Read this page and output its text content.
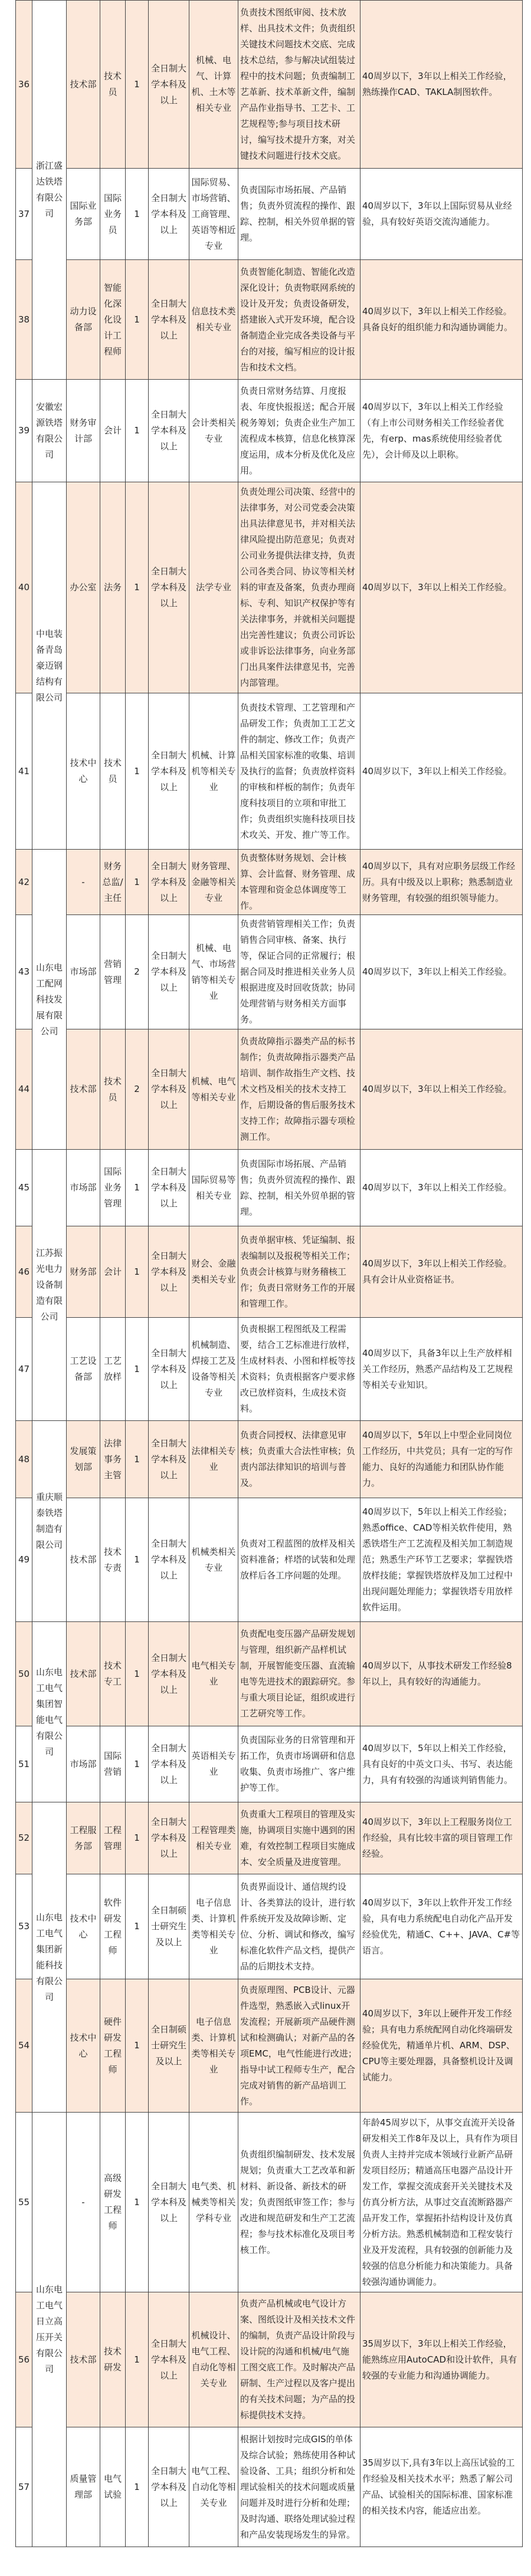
36	浙江盛达铁塔有限公司	技术部	技术员	1	全日制大学本科及以上	机械、电气、计算机、土木等相关专业	负责技术图纸审阅、技术放样、出具技术文件；负责组织关键技术问题技术交底、完成技术总结，参与解决试组装过程中的技术问题；负责编制工艺革新、技术革新文件，编制产品作业指导书、工艺卡、工艺规程等;参与项目技术研讨，编写技术提升方案，对关键技术问题进行技术交底。	40周岁以下，3年以上相关工作经验，熟练操作CAD、TAKLA制图软件。
37		国际业务部	国际业务员	1	全日制大学本科及以上	国际贸易、市场营销、工商管理、英语等相近专业	负责国际市场拓展、产品销售；负责外贸流程的操作、跟踪、控制，相关外贸单据的管理。	40周岁以下，3年以上国际贸易从业经验，具有较好英语交流沟通能力。
38		动力设备部	智能化深化设计工程师	1	全日制大学本科及以上	信息技术类相关专业	负责智能化制造、智能化改造深化设计；负责物联网系统的设计及开发；负责设备研发，搭建嵌入式开发环境，配合设备制造企业完成各类设备与平台的对接，编写相应的设计报告和技术文档。	40周岁以下，3年以上相关工作经验。具备良好的组织能力和沟通协调能力。
39	安徽宏源铁塔有限公司	财务审计部	会计	1	全日制大学本科及以上	会计类相关专业	负责日常财务结算、月度报表、年度快报报送；配合开展税务筹划；负责企业生产加工流程成本核算，信息化核算深度运用，成本分析及优化及应用。	40周岁以下，3年以上相关工作经验（有上市公司财务相关工作经验者优先，有erp、mas系统使用经验者优先），会计师及以上职称。
40	中电装备青岛豪迈钢结构有限公司	办公室	法务	1	全日制大学本科及以上	法学专业	负责处理公司决策、经营中的法律事务，对公司党委会决策出具法律意见书，并对相关法律风险提出防范意见；负责对公司业务提供法律支持，负责公司各类合同、协议等相关材料的审查及备案，负责办理商标、专利、知识产权保护等有关法律事务，并就相关问题提出完善性建议；负责公司诉讼或非诉讼法律事务，向业务部门出具案件法律意见书，完善内部管理。	40周岁以下，3年以上相关工作经验。
41		技术中心	技术员	1	全日制大学本科及以上	机械、计算机等相关专业	负责技术管理、工艺管理和产品研发工作；负责加工工艺文件的制定、修改工作；负责产品相关国家标准的收集、培训及执行的监督；负责放样资料的审核和样板的制作；负责年度科技项目的立项和审批工作；负责组织实施科技项目技术攻关、开发、推广等工作。	40周岁以下，3年以上相关工作经验。
42	山东电工配网科技发展有限公司	-	财务总监/主任	1	全日制大学本科及以上	财务管理、金融等相关专业	负责整体财务规划、会计核算、会计监督、财务管理、成本管理和资金总体调度等工作。	40周岁以下，具有对应职务层级工作经历。具有中级及以上职称；熟悉制造业财务管理，有较强的组织领导能力。
43		市场部	营销管理	2	全日制大学本科及以上	机械、电气、市场营销等相关专业	负责营销管理相关工作；负责销售合同审核、备案、执行等，保证合同的正常履行；根据合同及时推进相关业务人员根据进度及时回收货款；协同处理营销与财务相关方面事务。	40周岁以下，3年以上相关工作经验。
44		技术部	技术员	2	全日制大学本科及以上	机械、电气等相关专业	负责故障指示器类产品的标书制作；负责故障指示器类产品培训、制作故指生产文档、技术文档及相关的技术支持工作，后期设备的售后服务技术支持工作；故障指示器专项检测工作。	40周岁以下，3年以上相关工作经验。
45	江苏振光电力设备制造有限公司	市场部	国际业务管理	1	全日制大学本科及以上	国际贸易等相关专业	负责国际市场拓展、产品销售；负责外贸流程的操作、跟踪、控制，相关外贸单据的管理。	40周岁以下，3年以上相关工作经验。
46		财务部	会计	1	全日制大学本科及以上	财会、金融类相关专业	负责单据审核、凭证编制、报表编制以及报税等相关工作；负责会计核算与财务稽核工作；负责日常财务工作的开展和管理工作。	40周岁以下，3年以上相关工作经验。具有会计从业资格证书。
47		工艺设备部	工艺放样	1	全日制大学本科及以上	机械制造、焊接工艺及设备等相关专业	负责根据工程图纸及工程需要，结合工艺标准进行放样，生成材料表、小图和样板等技术资料；负责根据客户要求修改已放样资料，生成技术资料。	40周岁以下，具备3年以上生产放样相关工作经历，熟悉产品结构及工艺规程等相关专业知识。
48	重庆顺泰铁塔制造有限公司	发展策划部	法律事务主管	1	全日制大学本科及以上	法律相关专业	负责合同授权、法律意见审核；负责重大合法性审核；负责内部法律知识的培训与普及。	40周岁以下，5年以上中型企业同岗位工作经历，中共党员；具有一定的写作能力、良好的沟通能力和团队协作能力。
49		技术部	技术专责	1	全日制大学本科及以上	机械类相关专业	负责对工程蓝图的放样及相关资料准备；样塔的试装和处理放样后各工序问题的处理。	40周岁以下，5年以上相关工作经验；熟悉office、CAD等相关软件使用，熟悉铁塔生产工艺流程及相关加工制造规范；熟悉生产环节工艺要求；掌握铁塔放样技能；掌握铁塔放样及加工过程中出现问题处理能力；掌握铁塔专用放样软件运用。
50	山东电工电气集团智能电气有限公司	技术部	技术专工	1	全日制大学本科及以上	电气相关专业	负责配电变压器产品研发规划与管理，组织新产品样机试制，开展智能变压器、直流输电等先进技术的跟踪研究。参与重大项目论证，组织或进行工艺研究等工作。	40周岁以下，从事技术研发工作经验8年以上，具有较好的沟通能力。
51		市场部	国际营销	1	全日制大学本科及以上	英语相关专业	负责国际业务的日常管理和开拓工作，负责市场调研和信息收集、负责市场推广、客户维护等工作。	40周岁以下，5年以上相关工作经验，具有良好的中英文口头、书写、表达能力，具有有较强的沟通谈判销售能力。
52	山东电工电气集团新能科技有限公司	工程服务部	工程管理	1	全日制大学本科及以上	工程管理类相关专业	负责重大工程项目的管理及实施，协调项目实施中遇到的困难，有效控制工程项目实施成本、安全质量及进度管理。	40周岁以下，3年以上工程服务岗位工作经验，具有比较丰富的项目管理工作经验。
53		技术中心	软件研发工程师	1	全日制硕士研究生及以上	电子信息类、计算机类等相关专业	负责界面设计、通信规约设计、各类算法的设计，进行软件系统开发及故障诊断、定位、分析、调试和修改，编写标准化软件产品文档，提供产品的后期技术支持。	40周岁以下，3年以上软件开发工作经验，具有电力系统配电自动化产品开发经验优先，精通C、C++、JAVA、C#等语言。
54		技术中心	硬件研发工程师	1	全日制硕士研究生及以上	电子信息类、计算机类等相关专业	负责原理图、PCB设计、元器件选型，熟悉嵌入式linux开发流程；开展新项产品硬件测试和检测确认；对新产品的各项EMC，电气性能进行改进；指导中试工程师专生产，配合完成对销售的新产品培训工作。	40周岁以下，3年以上硬件开发工作经验；具有电力系统配网自动化终端研发经验优先，精通单片机、ARM、DSP、CPU等主要处理器，具备整机设计及调试能力。
55	山东电工电气日立高压开关有限公司	-	高级研发工程师	1	全日制大学本科及以上	电气类、机械类等相关学科专业	负责组织编制研发、技术发展规划；负责重大工艺改革和新材料、新设备、新技术的研发；负责图纸审签工作；参与改进和规范研发和生产工艺流程；参与技术标准化及项目考核工作。	年龄45周岁以下，从事交直流开关设备研发相关工作8年及以上，具有作为项目负责人主持并完成本领域行业新产品研发项目经历；精通高压电器产品设计开发工作，掌握交流成套开关关键技术及仿真分析方法，从事过交直流断路器产品开发工作，掌握拓扑结构设计及仿真分析方法。熟悉机械制造和工程安装行业及开发流程，具有较强的创新能力及较强的信息分析能力和决策能力。具备较强沟通协调能力。
56		技术部	技术研发	1	全日制大学本科及以上	机械设计、电气工程、自动化等相关专业	负责产品机械或电气设计方案、图纸设计及相关技术文件的编制，负责产品设计阶段与设计院的沟通和机械/电气施工图交底工作。及时解决产品研制、生产过程以及客户提出的有关技术问题；为产品的投标提供技术支持。	35周岁以下，3年以上相关工作经验，能熟练应用AutoCAD和设计软件，具有较强的专业能力和沟通协调能力。
57		质量管理部	电气试验	1	全日制大学本科及以上	电气工程、自动化等相关专业	根据计划按时完成GIS的单体及综合试验；熟练使用各种试验设备、工具；组织分析和处理试验相关的技术问题或质量问题并及时进行分析和处理；及时沟通、联络处理试验过程和产品安装现场发生的异常。	35周岁以下,具有3年以上高压试验的工作经验及相关技术水平；熟悉了解公司产品、试验相关的国际标准、国家标准的相关技术内容，能适应出差。
